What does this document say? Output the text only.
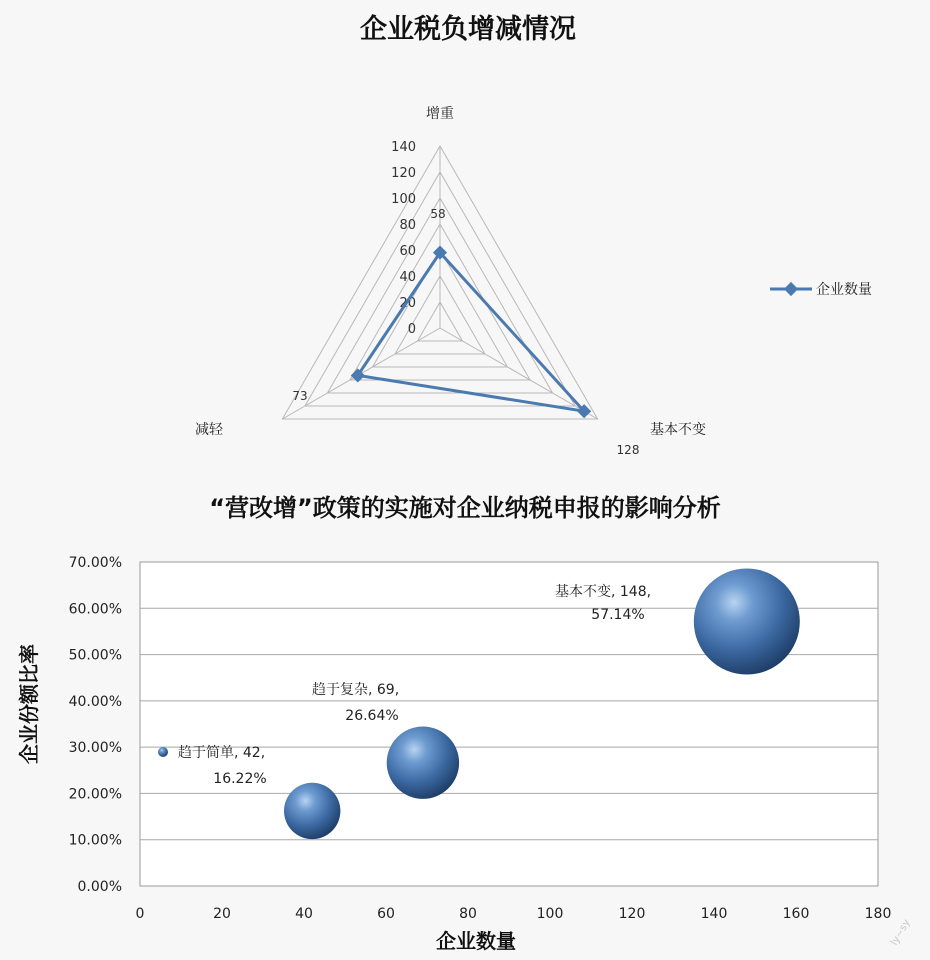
企业税负增减情况
0
20
40
60
80
100
120
140
增重
基本不变
减轻
58
128
73
企业数量
“营改增”政策的实施对企业纳税申报的影响分析
0.00%
10.00%
20.00%
30.00%
40.00%
50.00%
60.00%
70.00%
0	20	40	60	80	100	120	140	160	180
企业数量
企业份额比率	趋于简单, 42,
16.22%
趋于复杂, 69,
26.64%
基本不变, 148,
57.14%
ly~sy
